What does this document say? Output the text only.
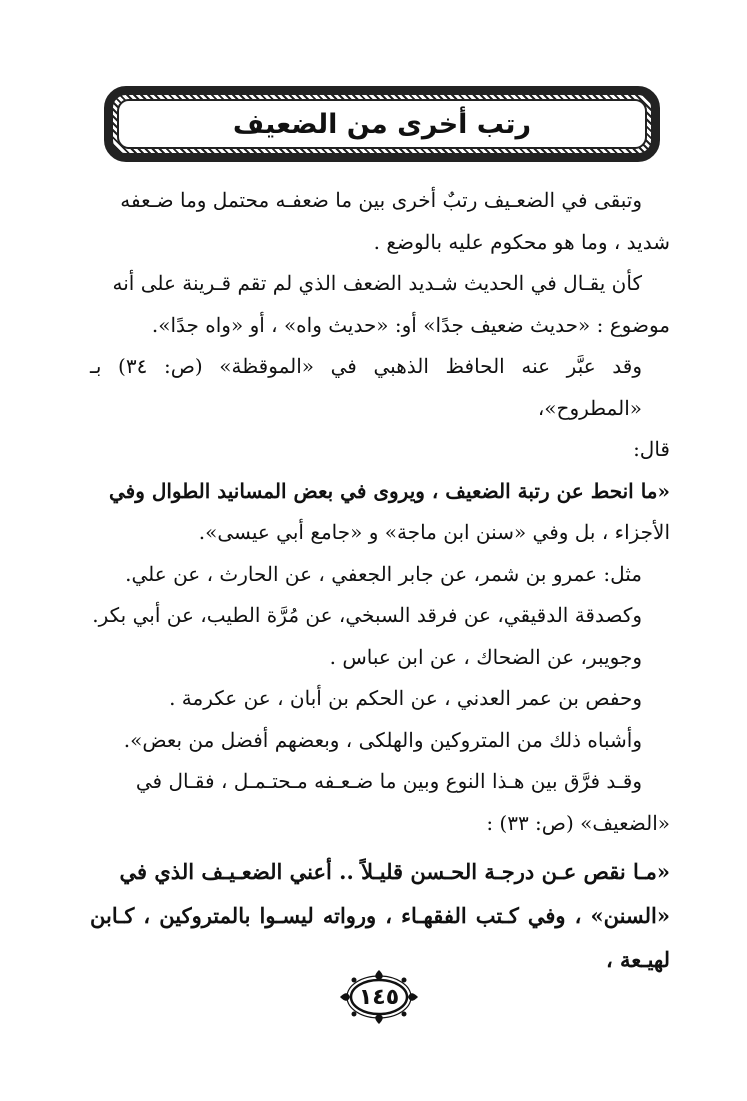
رتب أخرى من الضعيف

وتبقى في الضعـيف رتبٌ أخرى بين ما ضعفـه محتمل وما ضـعفه

شديد ، وما هو محكوم عليه بالوضع .

كأن يقـال في الحديث شـديد الضعف الذي لم تقم قـرينة على أنه

موضوع : «حديث ضعيف جدًا» أو: «حديث واه» ، أو «واه جدًا».

وقد عبَّر عنه الحافظ الذهبي في «الموقظة» (ص: ٣٤) بـ «المطروح»،

قال:

«ما انحط عن رتبة الضعيف ، ويروى في بعض المسانيد الطوال وفي

الأجزاء ، بل وفي «سنن ابن ماجة» و «جامع أبي عيسى».

مثل: عمرو بن شمر، عن جابر الجعفي ، عن الحارث ، عن علي.

وكصدقة الدقيقي، عن فرقد السبخي، عن مُرَّة الطيب، عن أبي بكر.

وجويبر، عن الضحاك ، عن ابن عباس .

وحفص بن عمر العدني ، عن الحكم بن أبان ، عن عكرمة .

وأشباه ذلك من المتروكين والهلكى ، وبعضهم أفضل من بعض».

وقـد فرَّق بين هـذا النوع وبين ما ضـعـفه مـحتـمـل ، فقـال في

«الضعيف» (ص: ٣٣) :

«مـا نقص عـن درجـة الحـسن قليـلاً .. أعني الضعـيـف الذي في

«السنن» ، وفي كـتب الفقهـاء ، ورواته ليسـوا بالمتروكين ، كـابن لهيـعة ،

١٤٥
